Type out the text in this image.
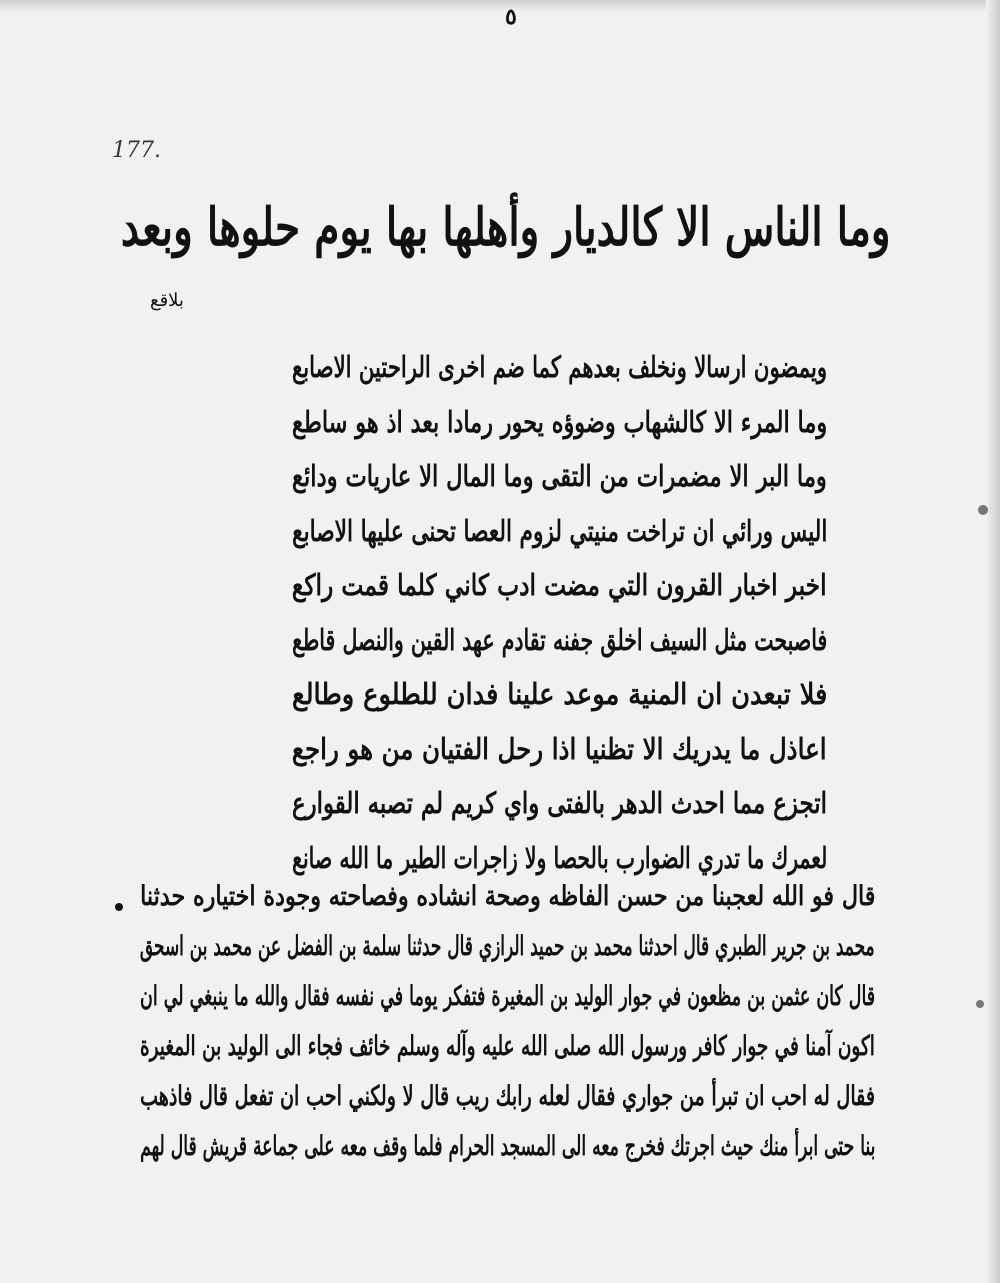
٥
177.
وما الناس الا كالديار وأهلها بها يوم حلوها وبعد
بلاقع
ويمضون ارسالا ونخلف بعدهم كما ضم اخرى الراحتين الاصابع
وما المرء الا كالشهاب وضوؤه يحور رمادا بعد اذ هو ساطع
وما البر الا مضمرات من التقى وما المال الا عاريات ودائع
اليس ورائي ان تراخت منيتي لزوم العصا تحنى عليها الاصابع
اخبر اخبار القرون التي مضت ادب كاني كلما قمت راكع
فاصبحت مثل السيف اخلق جفنه تقادم عهد القين والنصل قاطع
فلا تبعدن ان المنية موعد علينا فدان للطلوع وطالع
اعاذل ما يدريك الا تظنيا اذا رحل الفتيان من هو راجع
اتجزع مما احدث الدهر بالفتى واي كريم لم تصبه القوارع
لعمرك ما تدري الضوارب بالحصا ولا زاجرات الطير ما الله صانع
قال فو الله لعجبنا من حسن الفاظه وصحة انشاده وفصاحته وجودة اختياره حدثنا
محمد بن جرير الطبري قال احدثنا محمد بن حميد الرازي قال حدثنا سلمة بن الفضل عن محمد بن اسحق
قال كان عثمن بن مظعون في جوار الوليد بن المغيرة فتفكر يوما في نفسه فقال والله ما ينبغي لي ان
اكون آمنا في جوار كافر ورسول الله صلى الله عليه وآله وسلم خائف فجاء الى الوليد بن المغيرة
فقال له احب ان تبرأ من جواري فقال لعله رابك ريب قال لا ولكني احب ان تفعل قال فاذهب
بنا حتى ابرأ منك حيث اجرتك فخرج معه الى المسجد الحرام فلما وقف معه على جماعة قريش قال لهم
